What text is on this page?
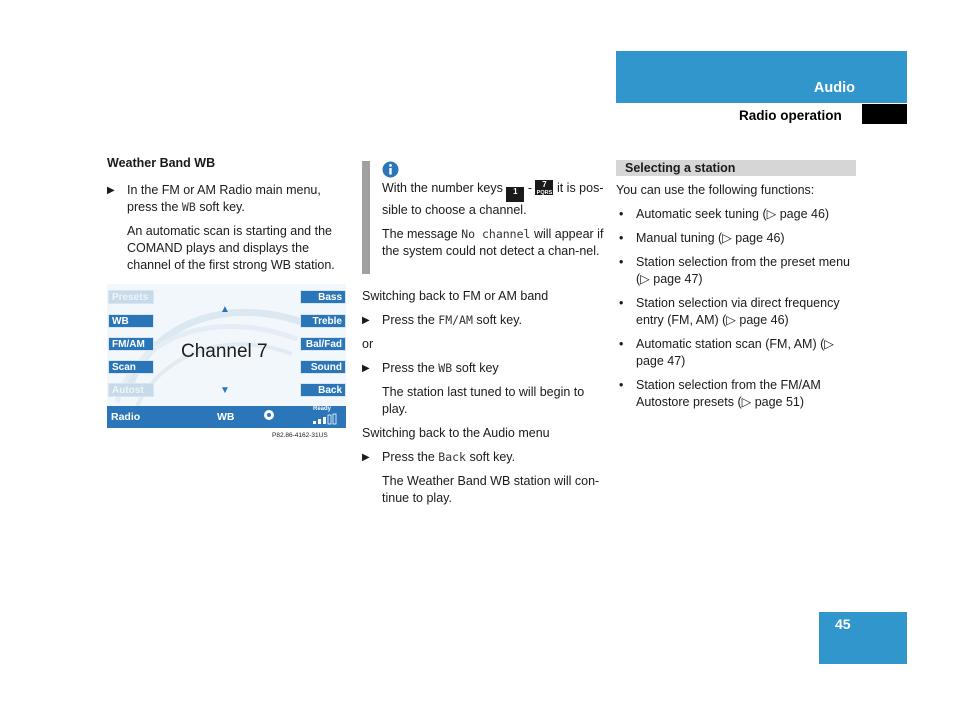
Audio
Radio operation
Weather Band WB
▶ In the FM or AM Radio main menu, press the WB soft key.
An automatic scan is starting and the COMAND plays and displays the channel of the first strong WB station.
Presets
WB
FM/AM
Scan
Autost
Bass
Treble
Bal/Fad
Sound
Back
▲
Channel 7
▼
Radio	WB
Ready
P82.86-4162-31US

With the number keys 1 - 7
PQRS it is pos-sible to choose a channel.

The message No channel will appear if the system could not detect a chan-nel.

Switching back to FM or AM band
▶ Press the FM/AM soft key.
or
▶ Press the WB soft key
The station last tuned to will begin to play.
Switching back to the Audio menu
▶ Press the Back soft key.
The Weather Band WB station will con-tinue to play.
Selecting a station
You can use the following functions:
• Automatic seek tuning (▷ page 46)
• Manual tuning (▷ page 46)
• Station selection from the preset menu (▷ page 47)
• Station selection via direct frequency entry (FM, AM) (▷ page 46)
• Automatic station scan (FM, AM) (▷ page 47)
• Station selection from the FM/AM Autostore presets (▷ page 51)
45
